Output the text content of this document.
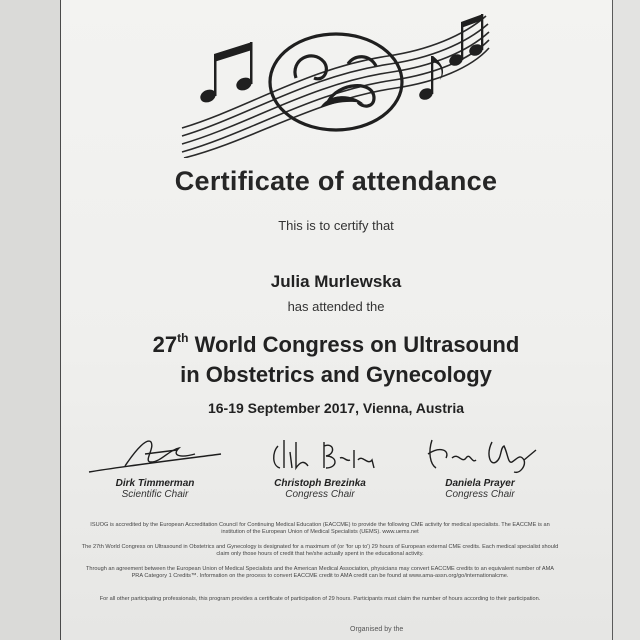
Certificate of attendance
This is to certify that
Julia Murlewska
has attended the
27th World Congress on Ultrasound
in Obstetrics and Gynecology
16-19 September 2017, Vienna, Austria
Dirk Timmerman
Scientific Chair
Christoph Brezinka
Congress Chair
Daniela Prayer
Congress Chair
ISUOG is accredited by the European Accreditation Council for Continuing Medical Education (EACCME) to provide the following CME activity for medical specialists. The EACCME is an institution of the European Union of Medical Specialists (UEMS). www.uems.net
The 27th World Congress on Ultrasound in Obstetrics and Gynecology is designated for a maximum of (or 'for up to') 29 hours of European external CME credits. Each medical specialist should claim only those hours of credit that he/she actually spent in the educational activity.
Through an agreement between the European Union of Medical Specialists and the American Medical Association, physicians may convert EACCME credits to an equivalent number of AMA PRA Category 1 Credits™. Information on the process to convert EACCME credit to AMA credit can be found at www.ama-assn.org/go/internationalcme.
For all other participating professionals, this program provides a certificate of participation of 29 hours. Participants must claim the number of hours according to their participation.
Organised by the
